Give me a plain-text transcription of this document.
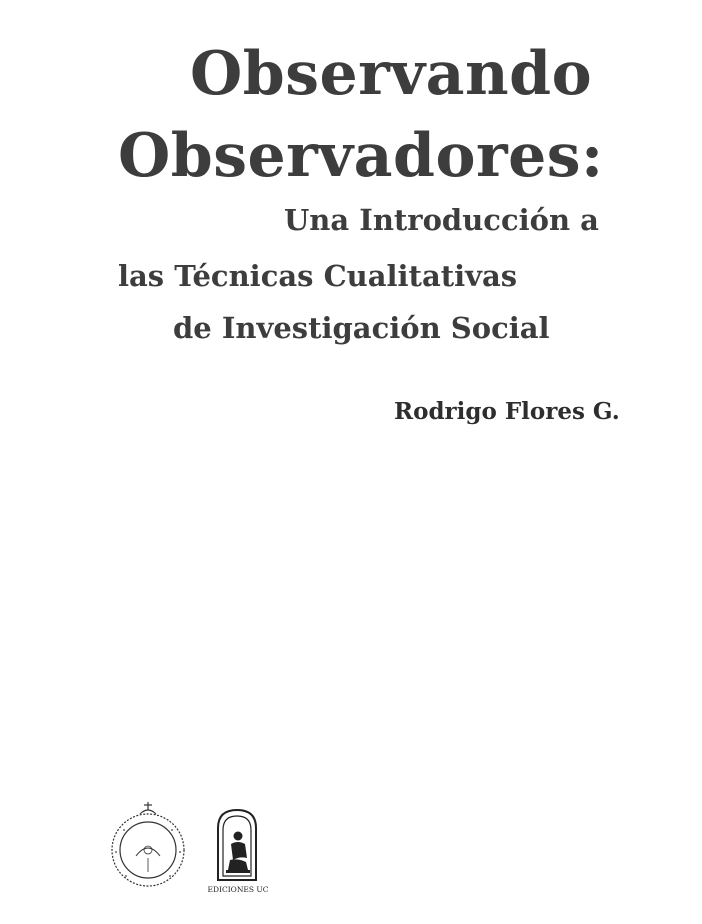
Observando
Observadores:
Una Introducción a
las Técnicas Cualitativas
de Investigación Social
Rodrigo Flores G.
EDICIONES UC
